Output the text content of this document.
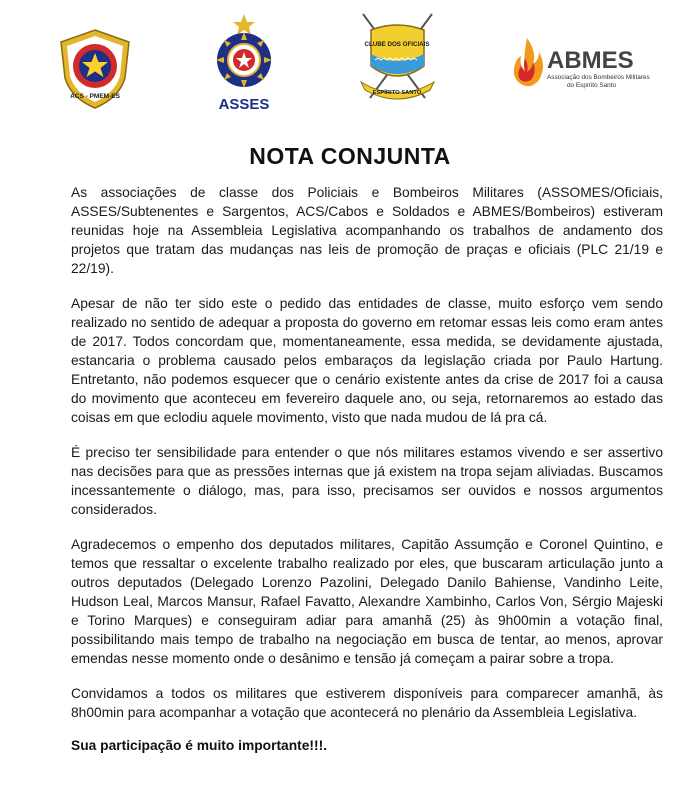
ACS - PMEM-ES	ASSES
CLUBE DOS OFICIAIS
ESPÍRITO SANTO
ABMES
Associação dos Bombeiros Militares
do Espírito Santo
NOTA CONJUNTA

As associações de classe dos Policiais e Bombeiros Militares (ASSOMES/Oficiais, ASSES/Subtenentes e Sargentos, ACS/Cabos e Soldados e ABMES/Bombeiros) estiveram reunidas hoje na Assembleia Legislativa acompanhando os trabalhos de andamento dos projetos que tratam das mudanças nas leis de promoção de praças e oficiais (PLC 21/19 e 22/19).

Apesar de não ter sido este o pedido das entidades de classe, muito esforço vem sendo realizado no sentido de adequar a proposta do governo em retomar essas leis como eram antes de 2017. Todos concordam que, momentaneamente, essa medida, se devidamente ajustada, estancaria o problema causado pelos embaraços da legislação criada por Paulo Hartung. Entretanto, não podemos esquecer que o cenário existente antes da crise de 2017 foi a causa do movimento que aconteceu em fevereiro daquele ano, ou seja, retornaremos ao estado das coisas em que eclodiu aquele movimento, visto que nada mudou de lá pra cá.

É preciso ter sensibilidade para entender o que nós militares estamos vivendo e ser assertivo nas decisões para que as pressões internas que já existem na tropa sejam aliviadas. Buscamos incessantemente o diálogo, mas, para isso, precisamos ser ouvidos e nossos argumentos considerados.

Agradecemos o empenho dos deputados militares, Capitão Assumção e Coronel Quintino, e temos que ressaltar o excelente trabalho realizado por eles, que buscaram articulação junto a outros deputados (Delegado Lorenzo Pazolini, Delegado Danilo Bahiense, Vandinho Leite, Hudson Leal, Marcos Mansur, Rafael Favatto, Alexandre Xambinho, Carlos Von, Sérgio Majeski e Torino Marques) e conseguiram adiar para amanhã (25) às 9h00min a votação final, possibilitando mais tempo de trabalho na negociação em busca de tentar, ao menos, aprovar emendas nesse momento onde o desânimo e tensão já começam a pairar sobre a tropa.

Convidamos a todos os militares que estiverem disponíveis para comparecer amanhã, às 8h00min para acompanhar a votação que acontecerá no plenário da Assembleia Legislativa.

Sua participação é muito importante!!!.
